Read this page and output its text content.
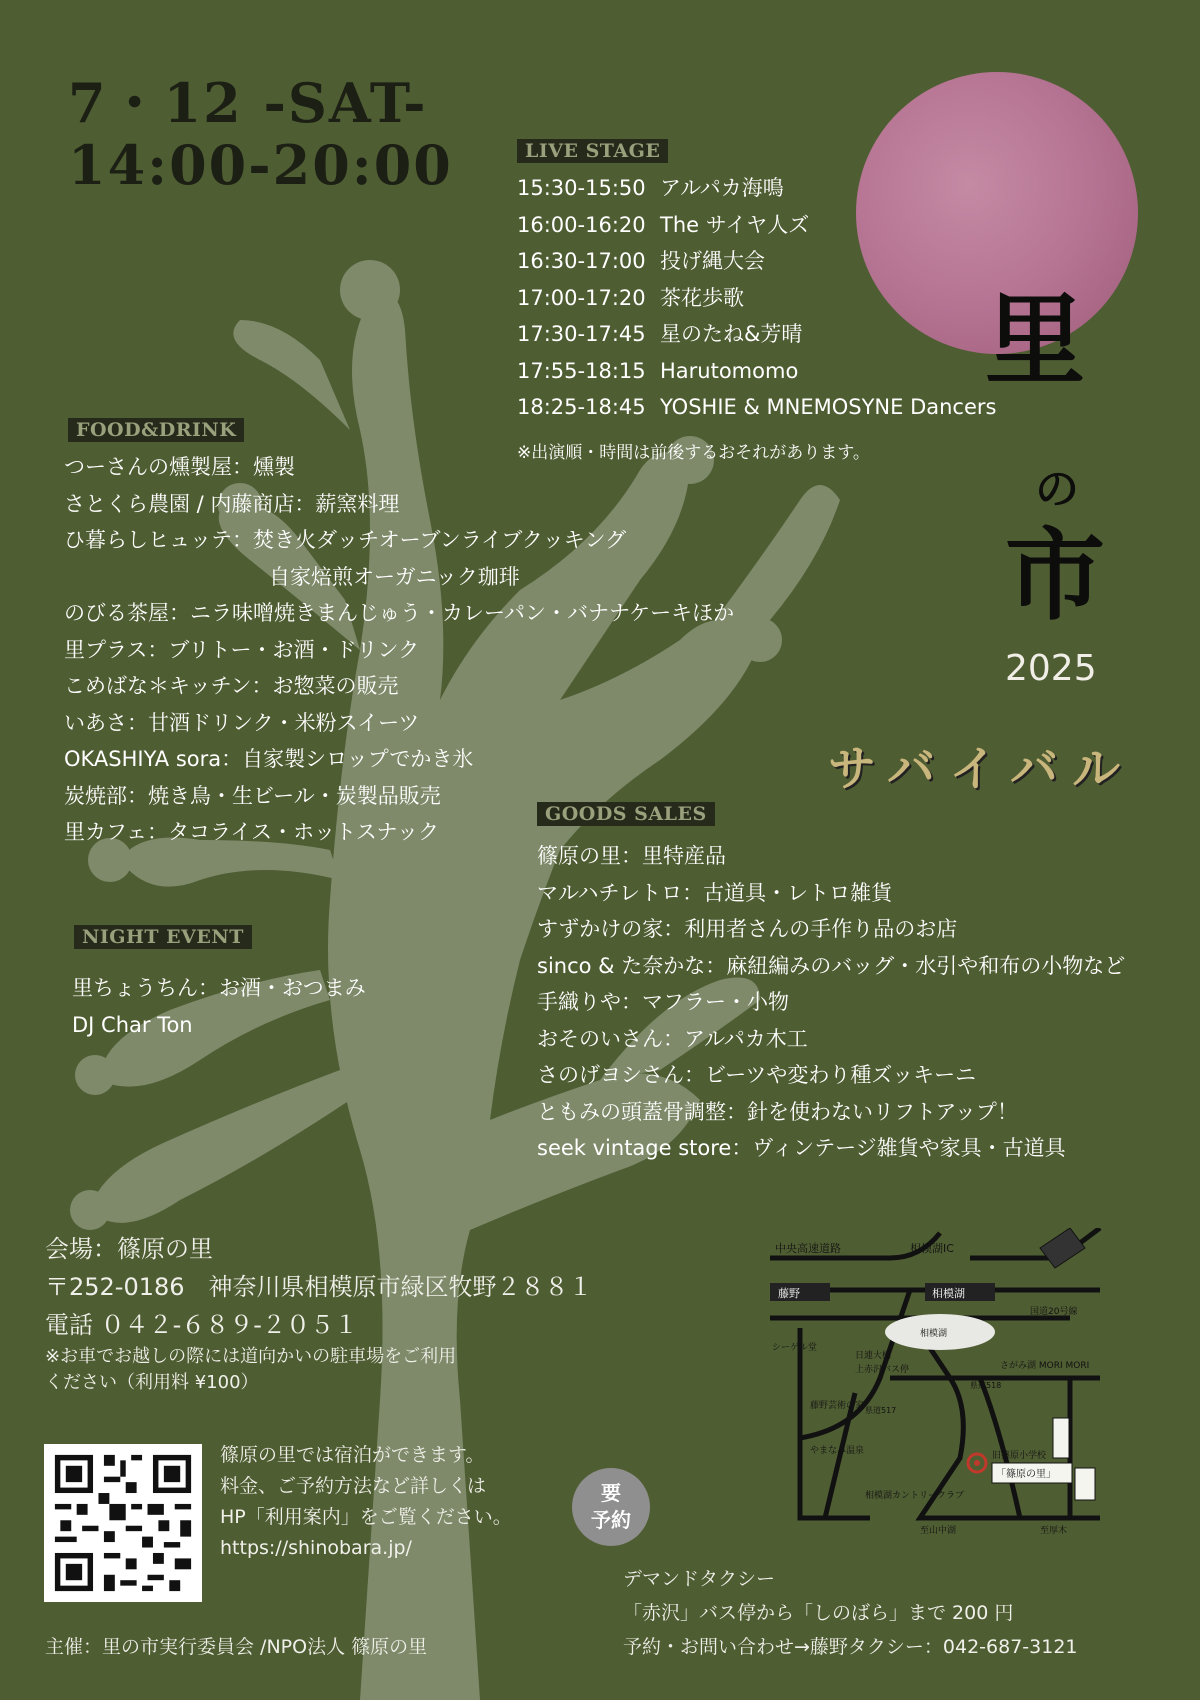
7・12 -SAT-
14:00-20:00
里
の
市
2025
サバイバル
LIVE STAGE
15:30-15:50 アルパカ海鳴
16:00-16:20 The サイヤ人ズ
16:30-17:00 投げ縄大会
17:00-17:20 茶花歩歌
17:30-17:45 星のたね&芳晴
17:55-18:15 Harutomomo
18:25-18:45 YOSHIE & MNEMOSYNE Dancers
※出演順・時間は前後するおそれがあります。
FOOD&DRINK
つーさんの燻製屋：燻製
さとくら農園 / 内藤商店：薪窯料理
ひ暮らしヒュッテ：焚き火ダッチオーブンライブクッキング
自家焙煎オーガニック珈琲
のびる茶屋：ニラ味噌焼きまんじゅう・カレーパン・バナナケーキほか
里プラス：ブリトー・お酒・ドリンク
こめばな＊キッチン：お惣菜の販売
いあさ：甘酒ドリンク・米粉スイーツ
OKASHIYA sora：自家製シロップでかき氷
炭焼部：焼き鳥・生ビール・炭製品販売
里カフェ：タコライス・ホットスナック
NIGHT EVENT
里ちょうちん：お酒・おつまみ
DJ Char Ton
GOODS SALES
篠原の里：里特産品
マルハチレトロ：古道具・レトロ雑貨
すずかけの家：利用者さんの手作り品のお店
sinco & た奈かな：麻紐編みのバッグ・水引や和布の小物など
手織りや：マフラー・小物
おそのいさん：アルパカ木工
さのげヨシさん：ビーツや変わり種ズッキーニ
ともみの頭蓋骨調整：針を使わないリフトアップ！
seek vintage store：ヴィンテージ雑貨や家具・古道具
会場：篠原の里
〒252-0186　神奈川県相模原市緑区牧野２８８１
電話 ０４２-６８９-２０５１
※お車でお越しの際には道向かいの駐車場をご利用
ください（利用料 ¥100）
篠原の里では宿泊ができます。
料金、ご予約方法など詳しくは
HP「利用案内」をご覧ください。
https://shinobara.jp/
要
予約
主催：里の市実行委員会 /NPO法人 篠原の里
デマンドタクシー
「赤沢」バス停から「しのばら」まで 200 円
予約・お問い合わせ→藤野タクシー：042-687-3121
中央高速道路	相模湖IC
藤野	相模湖
国道20号線
相模湖
シーゲル堂
日連大橋
上赤沢バス停	さがみ湖 MORI MORI
県道518
県道517
藤野芸術の家
やまなみ温泉
相模湖カントリークラブ
旧篠原小学校
「篠原の里」
至山中湖	至厚木
